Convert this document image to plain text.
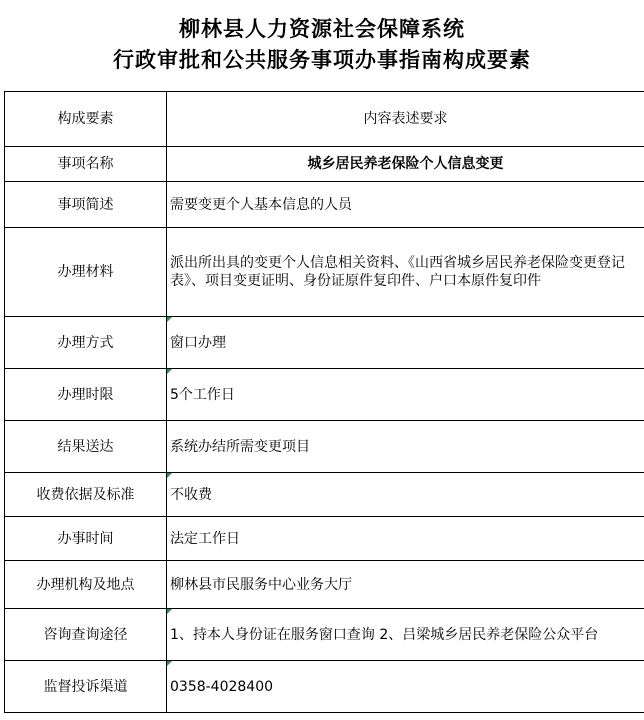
柳林县人力资源社会保障系统
行政审批和公共服务事项办事指南构成要素
构成要素	内容表述要求
事项名称	城乡居民养老保险个人信息变更
事项简述	需要变更个人基本信息的人员
办理材料	派出所出具的变更个人信息相关资料、《山西省城乡居民养老保险变更登记表》、项目变更证明、身份证原件复印件、户口本原件复印件
办理方式	窗口办理
办理时限	5个工作日
结果送达	系统办结所需变更项目
收费依据及标准	不收费
办事时间	法定工作日
办理机构及地点	柳林县市民服务中心业务大厅
咨询查询途径	1、持本人身份证在服务窗口查询 2、吕梁城乡居民养老保险公众平台
监督投诉渠道	0358-4028400
